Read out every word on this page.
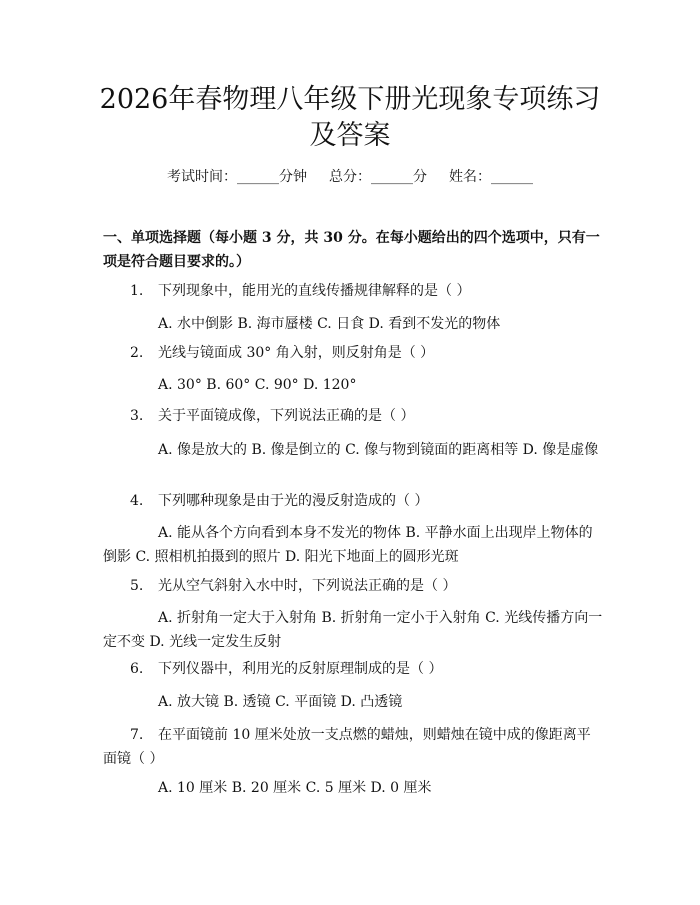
2026年春物理八年级下册光现象专项练习及答案
考试时间：______分钟 总分：______分 姓名：______

一、单项选择题（每小题 3 分，共 30 分。在每小题给出的四个选项中，只有一项是符合题目要求的。）

1. 下列现象中，能用光的直线传播规律解释的是（ ）
A. 水中倒影 B. 海市蜃楼 C. 日食 D. 看到不发光的物体
2. 光线与镜面成 30° 角入射，则反射角是（ ）
A. 30° B. 60° C. 90° D. 120°
3. 关于平面镜成像，下列说法正确的是（ ）
A. 像是放大的 B. 像是倒立的 C. 像与物到镜面的距离相等 D. 像是虚像
4. 下列哪种现象是由于光的漫反射造成的（ ）
A. 能从各个方向看到本身不发光的物体 B. 平静水面上出现岸上物体的倒影 C. 照相机拍摄到的照片 D. 阳光下地面上的圆形光斑
5. 光从空气斜射入水中时，下列说法正确的是（ ）
A. 折射角一定大于入射角 B. 折射角一定小于入射角 C. 光线传播方向一定不变 D. 光线一定发生反射
6. 下列仪器中，利用光的反射原理制成的是（ ）
A. 放大镜 B. 透镜 C. 平面镜 D. 凸透镜
7. 在平面镜前 10 厘米处放一支点燃的蜡烛，则蜡烛在镜中成的像距离平面镜（ ）
A. 10 厘米 B. 20 厘米 C. 5 厘米 D. 0 厘米
